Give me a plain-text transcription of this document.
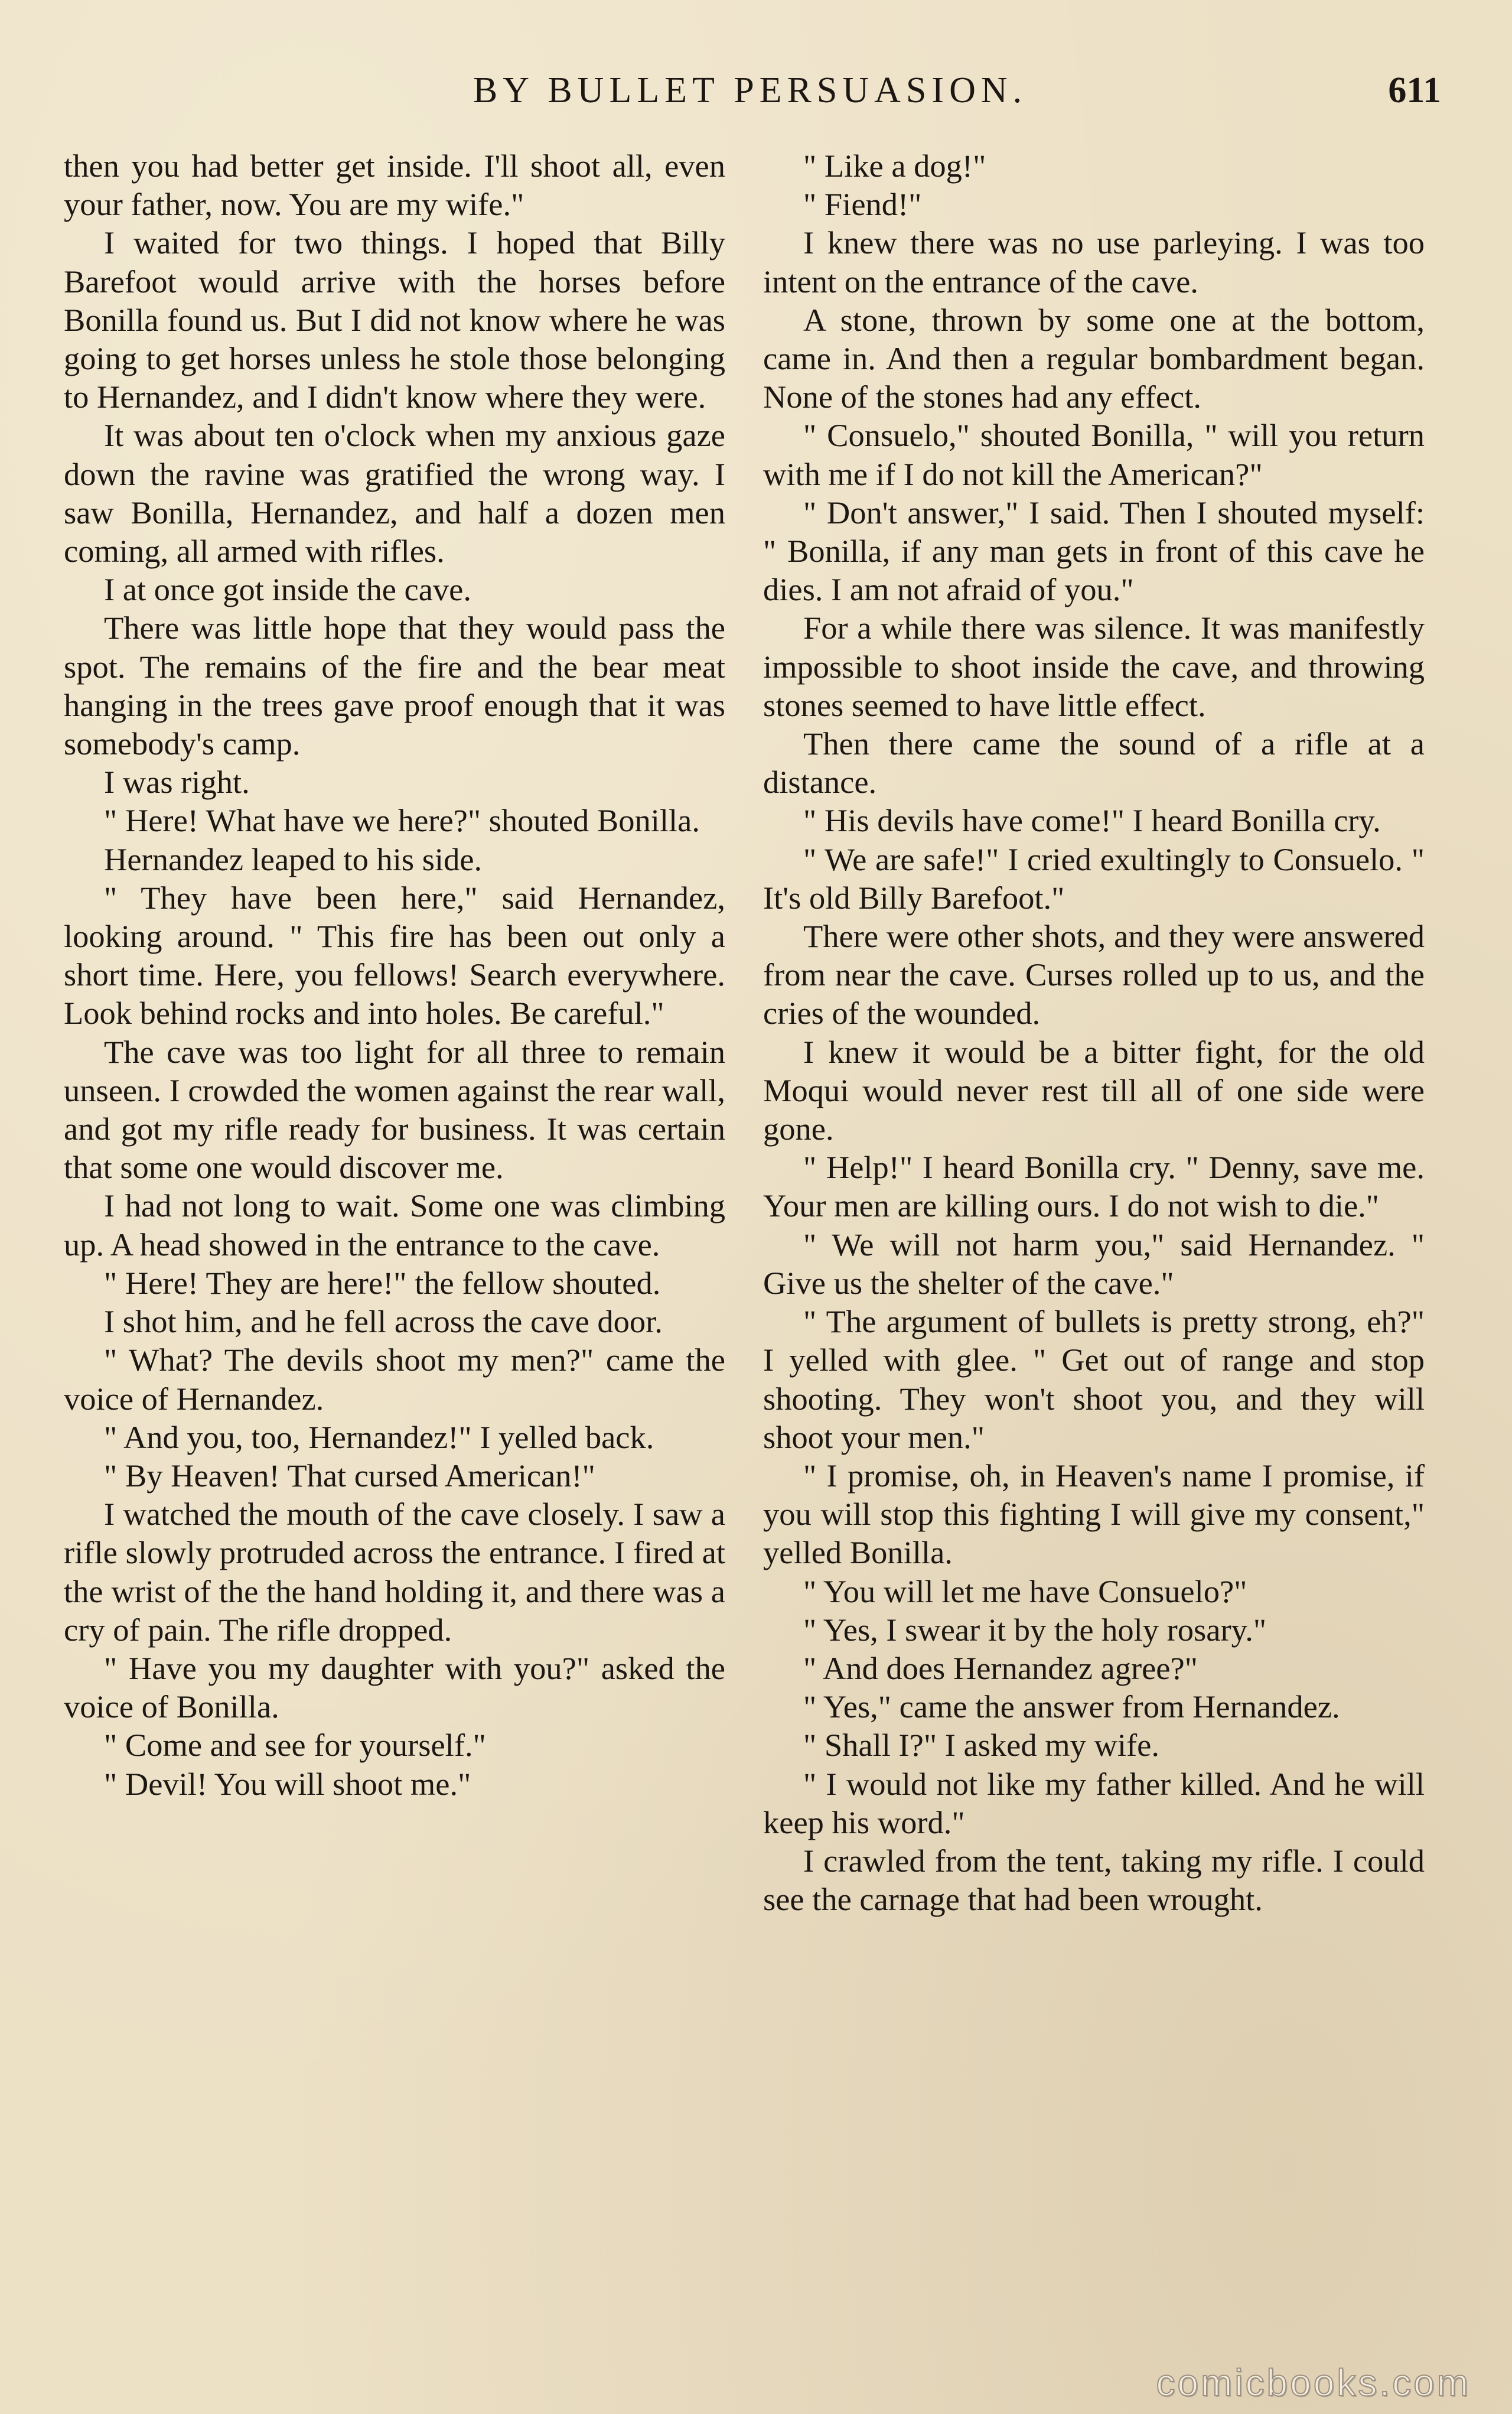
BY BULLET PERSUASION.	611

then you had better get inside. I'll shoot all, even your father, now. You are my wife."

I waited for two things. I hoped that Billy Barefoot would arrive with the horses before Bonilla found us. But I did not know where he was going to get horses unless he stole those belonging to Hernandez, and I didn't know where they were.

It was about ten o'clock when my anxious gaze down the ravine was gratified the wrong way. I saw Bonilla, Hernandez, and half a dozen men coming, all armed with rifles.

I at once got inside the cave.

There was little hope that they would pass the spot. The remains of the fire and the bear meat hanging in the trees gave proof enough that it was somebody's camp.

I was right.

" Here! What have we here?" shouted Bonilla.

Hernandez leaped to his side.

" They have been here," said Hernandez, looking around. " This fire has been out only a short time. Here, you fellows! Search everywhere. Look behind rocks and into holes. Be careful."

The cave was too light for all three to remain unseen. I crowded the women against the rear wall, and got my rifle ready for business. It was certain that some one would discover me.

I had not long to wait. Some one was climbing up. A head showed in the entrance to the cave.

" Here! They are here!" the fellow shouted.

I shot him, and he fell across the cave door.

" What? The devils shoot my men?" came the voice of Hernandez.

" And you, too, Hernandez!" I yelled back.

" By Heaven! That cursed American!"

I watched the mouth of the cave closely. I saw a rifle slowly protruded across the entrance. I fired at the wrist of the the hand holding it, and there was a cry of pain. The rifle dropped.

" Have you my daughter with you?" asked the voice of Bonilla.

" Come and see for yourself."

" Devil! You will shoot me."

" Like a dog!"

" Fiend!"

I knew there was no use parleying. I was too intent on the entrance of the cave.

A stone, thrown by some one at the bottom, came in. And then a regular bombardment began. None of the stones had any effect.

" Consuelo," shouted Bonilla, " will you return with me if I do not kill the American?"

" Don't answer," I said. Then I shouted myself: " Bonilla, if any man gets in front of this cave he dies. I am not afraid of you."

For a while there was silence. It was manifestly impossible to shoot inside the cave, and throwing stones seemed to have little effect.

Then there came the sound of a rifle at a distance.

" His devils have come!" I heard Bonilla cry.

" We are safe!" I cried exultingly to Consuelo. " It's old Billy Barefoot."

There were other shots, and they were answered from near the cave. Curses rolled up to us, and the cries of the wounded.

I knew it would be a bitter fight, for the old Moqui would never rest till all of one side were gone.

" Help!" I heard Bonilla cry. " Denny, save me. Your men are killing ours. I do not wish to die."

" We will not harm you," said Hernandez. " Give us the shelter of the cave."

" The argument of bullets is pretty strong, eh?" I yelled with glee. " Get out of range and stop shooting. They won't shoot you, and they will shoot your men."

" I promise, oh, in Heaven's name I promise, if you will stop this fighting I will give my consent," yelled Bonilla.

" You will let me have Consuelo?"

" Yes, I swear it by the holy rosary."

" And does Hernandez agree?"

" Yes," came the answer from Hernandez.

" Shall I?" I asked my wife.

" I would not like my father killed. And he will keep his word."

I crawled from the tent, taking my rifle. I could see the carnage that had been wrought.

comicbooks.com
